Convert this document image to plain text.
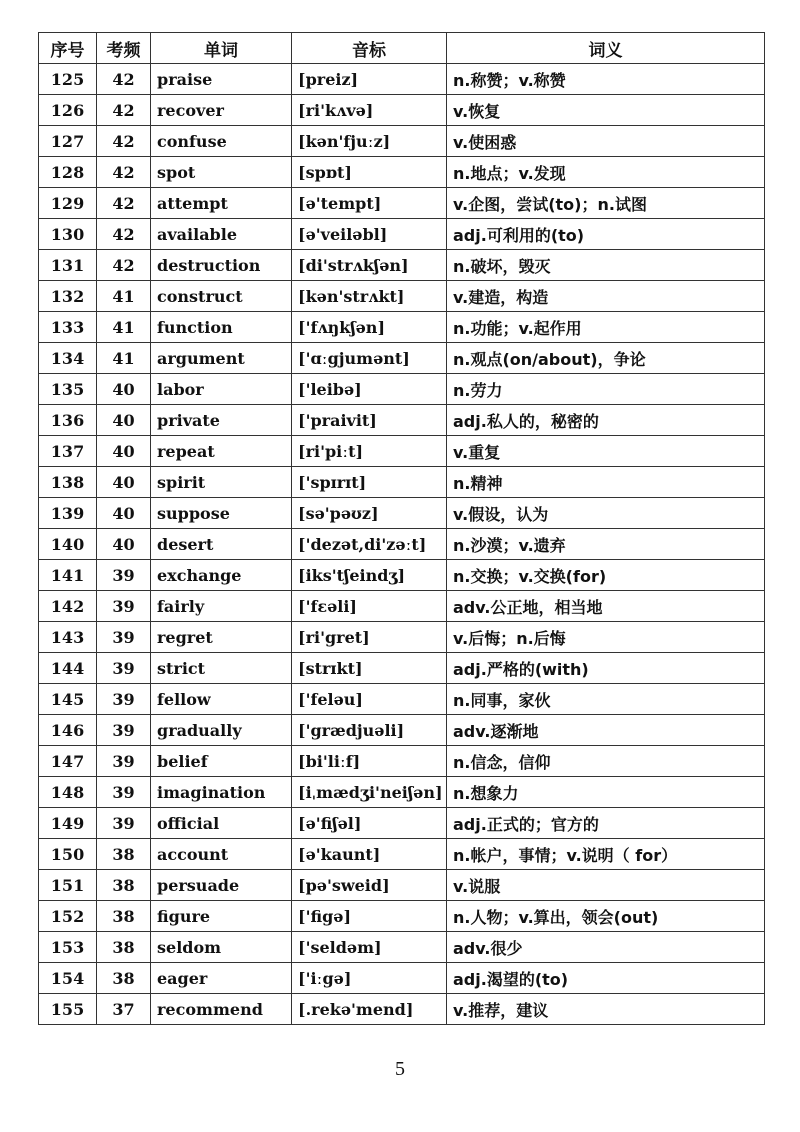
序号	考频	单词	音标	词义
125	42	praise	[preiz]	n.称赞；v.称赞
126	42	recover	[ri'kʌvə]	v.恢复
127	42	confuse	[kən'fjuːz]	v.使困惑
128	42	spot	[spɒt]	n.地点；v.发现
129	42	attempt	[ə'tempt]	v.企图，尝试(to)；n.试图
130	42	available	[ə'veiləbl]	adj.可利用的(to)
131	42	destruction	[di'strʌkʃən]	n.破坏，毁灭
132	41	construct	[kən'strʌkt]	v.建造，构造
133	41	function	['fʌŋkʃən]	n.功能；v.起作用
134	41	argument	['ɑːgjumənt]	n.观点(on/about)，争论
135	40	labor	['leibə]	n.劳力
136	40	private	['praivit]	adj.私人的，秘密的
137	40	repeat	[ri'piːt]	v.重复
138	40	spirit	['spɪrɪt]	n.精神
139	40	suppose	[sə'pəʊz]	v.假设，认为
140	40	desert	['dezət,di'zəːt]	n.沙漠；v.遗弃
141	39	exchange	[iks'tʃeindʒ]	n.交换；v.交换(for)
142	39	fairly	['fɛəli]	adv.公正地，相当地
143	39	regret	[ri'gret]	v.后悔；n.后悔
144	39	strict	[strɪkt]	adj.严格的(with)
145	39	fellow	['feləu]	n.同事，家伙
146	39	gradually	['grædjuəli]	adv.逐渐地
147	39	belief	[bi'liːf]	n.信念，信仰
148	39	imagination	[iˌmædʒi'neiʃən]	n.想象力
149	39	official	[ə'fiʃəl]	adj.正式的；官方的
150	38	account	[ə'kaunt]	n.帐户，事情；v.说明（ for）
151	38	persuade	[pə'sweid]	v.说服
152	38	figure	['figə]	n.人物；v.算出，领会(out)
153	38	seldom	['seldəm]	adv.很少
154	38	eager	['iːgə]	adj.渴望的(to)
155	37	recommend	[.rekə'mend]	v.推荐，建议
5
